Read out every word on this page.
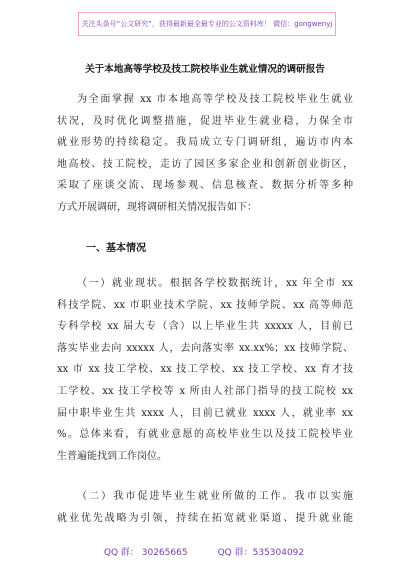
关注头条号“公文研究”，获得最新最全最专业的公文资料库！ 微信：gongwenyj
关于本地高等学校及技工院校毕业生就业情况的调研报告
为全面掌握 xx 市本地高等学校及技工院校毕业生就业
状况，及时优化调整措施，促进毕业生就业稳，力保全市
就业形势的持续稳定。我局成立专门调研组，遍访市内本
地高校、技工院校，走访了园区多家企业和创新创业街区，
采取了座谈交流、现场参观、信息核查、数据分析等多种
方式开展调研，现将调研相关情况报告如下：
一、基本情况
（一）就业现状。根据各学校数据统计，xx 年全市 xx
科技学院、xx 市职业技术学院、xx 技师学院、xx 高等师范
专科学校 xx 届大专（含）以上毕业生共 xxxxx 人，目前已
落实毕业去向 xxxxx 人，去向落实率 xx.xx%；xx 技师学院、
xx 市 xx 技工学校、xx 技工学校、xx 技工学校、xx 育才技
工学校、xx 技工学校等 x 所由人社部门指导的技工院校 xx
届中职毕业生共 xxxx 人，目前已就业 xxxx 人，就业率 xx
%。总体来看，有就业意愿的高校毕业生以及技工院校毕业
生普遍能找到工作岗位。
（二）我市促进毕业生就业所做的工作。我市以实施
就业优先战略为引领，持续在拓宽就业渠道、提升就业能
QQ 群： 30265665	QQ 群：535304092
